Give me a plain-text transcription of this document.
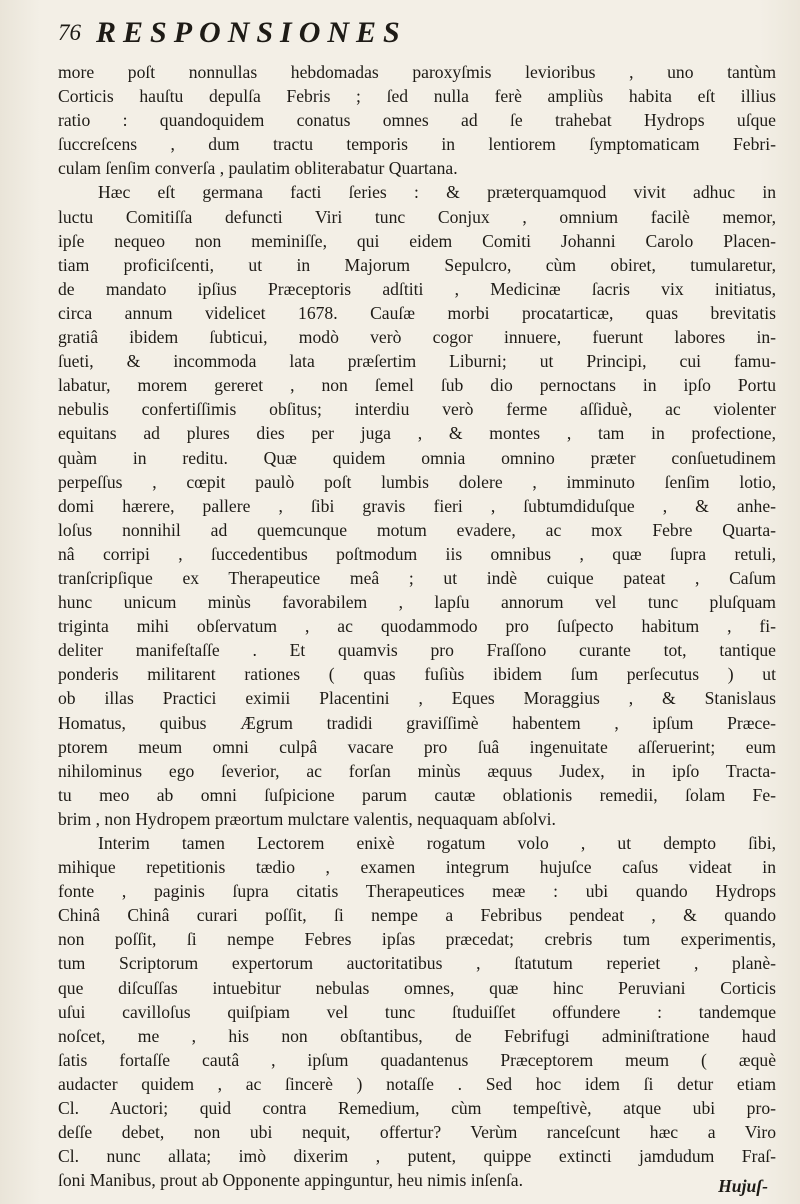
76 RESPONSIONES
more poſt nonnullas hebdomadas paroxyſmis levioribus , uno tantùm
Corticis hauſtu depulſa Febris ; ſed nulla ferè ampliùs habita eſt illius
ratio : quandoquidem conatus omnes ad ſe trahebat Hydrops uſque
ſuccreſcens , dum tractu temporis in lentiorem ſymptomaticam Febri-
culam ſenſim converſa , paulatim obliterabatur Quartana.
Hæc eſt germana facti ſeries : & præterquamquod vivit adhuc in
luctu Comitiſſa defuncti Viri tunc Conjux , omnium facilè memor,
ipſe nequeo non meminiſſe, qui eidem Comiti Johanni Carolo Placen-
tiam proficiſcenti, ut in Majorum Sepulcro, cùm obiret, tumularetur,
de mandato ipſius Præceptoris adſtiti , Medicinæ ſacris vix initiatus,
circa annum videlicet 1678. Cauſæ morbi procatarticæ, quas brevitatis
gratiâ ibidem ſubticui, modò verò cogor innuere, fuerunt labores in-
ſueti, & incommoda lata præſertim Liburni; ut Principi, cui famu-
labatur, morem gereret , non ſemel ſub dio pernoctans in ipſo Portu
nebulis confertiſſimis obſitus; interdiu verò ferme aſſiduè, ac violenter
equitans ad plures dies per juga , & montes , tam in profectione,
quàm in reditu. Quæ quidem omnia omnino præter conſuetudinem
perpeſſus , cœpit paulò poſt lumbis dolere , imminuto ſenſim lotio,
domi hærere, pallere , ſibi gravis fieri , ſubtumdiduſque , & anhe-
loſus nonnihil ad quemcunque motum evadere, ac mox Febre Quarta-
nâ corripi , ſuccedentibus poſtmodum iis omnibus , quæ ſupra retuli,
tranſcripſique ex Therapeutice meâ ; ut indè cuique pateat , Caſum
hunc unicum minùs favorabilem , lapſu annorum vel tunc pluſquam
triginta mihi obſervatum , ac quodammodo pro ſuſpecto habitum , fi-
deliter manifeſtaſſe . Et quamvis pro Fraſſono curante tot, tantique
ponderis militarent rationes ( quas fuſiùs ibidem ſum perſecutus ) ut
ob illas Practici eximii Placentini , Eques Moraggius , & Stanislaus
Homatus, quibus Ægrum tradidi graviſſimè habentem , ipſum Præce-
ptorem meum omni culpâ vacare pro ſuâ ingenuitate aſſeruerint; eum
nihilominus ego ſeverior, ac forſan minùs æquus Judex, in ipſo Tracta-
tu meo ab omni ſuſpicione parum cautæ oblationis remedii, ſolam Fe-
brim , non Hydropem præortum mulctare valentis, nequaquam abſolvi.
Interim tamen Lectorem enixè rogatum volo , ut dempto ſibi,
mihique repetitionis tædio , examen integrum hujuſce caſus videat in
fonte , paginis ſupra citatis Therapeutices meæ : ubi quando Hydrops
Chinâ Chinâ curari poſſit, ſi nempe a Febribus pendeat , & quando
non poſſit, ſi nempe Febres ipſas præcedat; crebris tum experimentis,
tum Scriptorum expertorum auctoritatibus , ſtatutum reperiet , planè-
que diſcuſſas intuebitur nebulas omnes, quæ hinc Peruviani Corticis
uſui cavilloſus quiſpiam vel tunc ſtuduiſſet offundere : tandemque
noſcet, me , his non obſtantibus, de Febrifugi adminiſtratione haud
ſatis fortaſſe cautâ , ipſum quadantenus Præceptorem meum ( æquè
audacter quidem , ac ſincerè ) notaſſe . Sed hoc idem ſi detur etiam
Cl. Auctori; quid contra Remedium, cùm tempeſtivè, atque ubi pro-
deſſe debet, non ubi nequit, offertur? Verùm ranceſcunt hæc a Viro
Cl. nunc allata; imò dixerim , putent, quippe extincti jamdudum Fraſ-
ſoni Manibus, prout ab Opponente appinguntur, heu nimis inſenſa.	Hujuſ-
